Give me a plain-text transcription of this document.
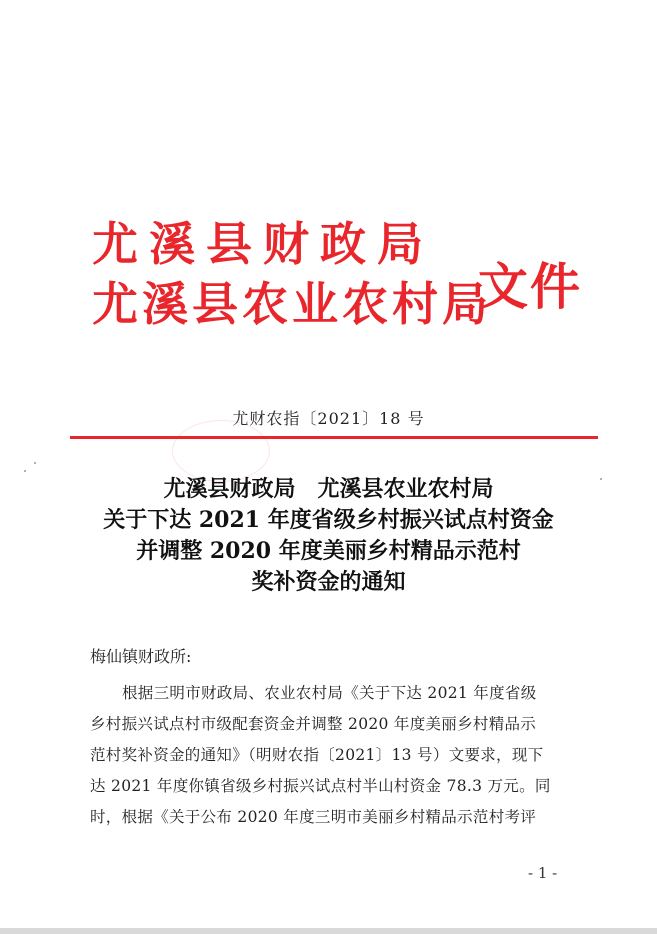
尤溪县财政局
尤溪县农业农村局
文件
尤财农指〔2021〕18 号
尤溪县财政局　尤溪县农业农村局
关于下达 2021 年度省级乡村振兴试点村资金
并调整 2020 年度美丽乡村精品示范村
奖补资金的通知
梅仙镇财政所:
根据三明市财政局、农业农村局《关于下达 2021 年度省级
乡村振兴试点村市级配套资金并调整 2020 年度美丽乡村精品示
范村奖补资金的通知》（明财农指〔2021〕13 号）文要求，现下
达 2021 年度你镇省级乡村振兴试点村半山村资金 78.3 万元。同
时，根据《关于公布 2020 年度三明市美丽乡村精品示范村考评
- 1 -
